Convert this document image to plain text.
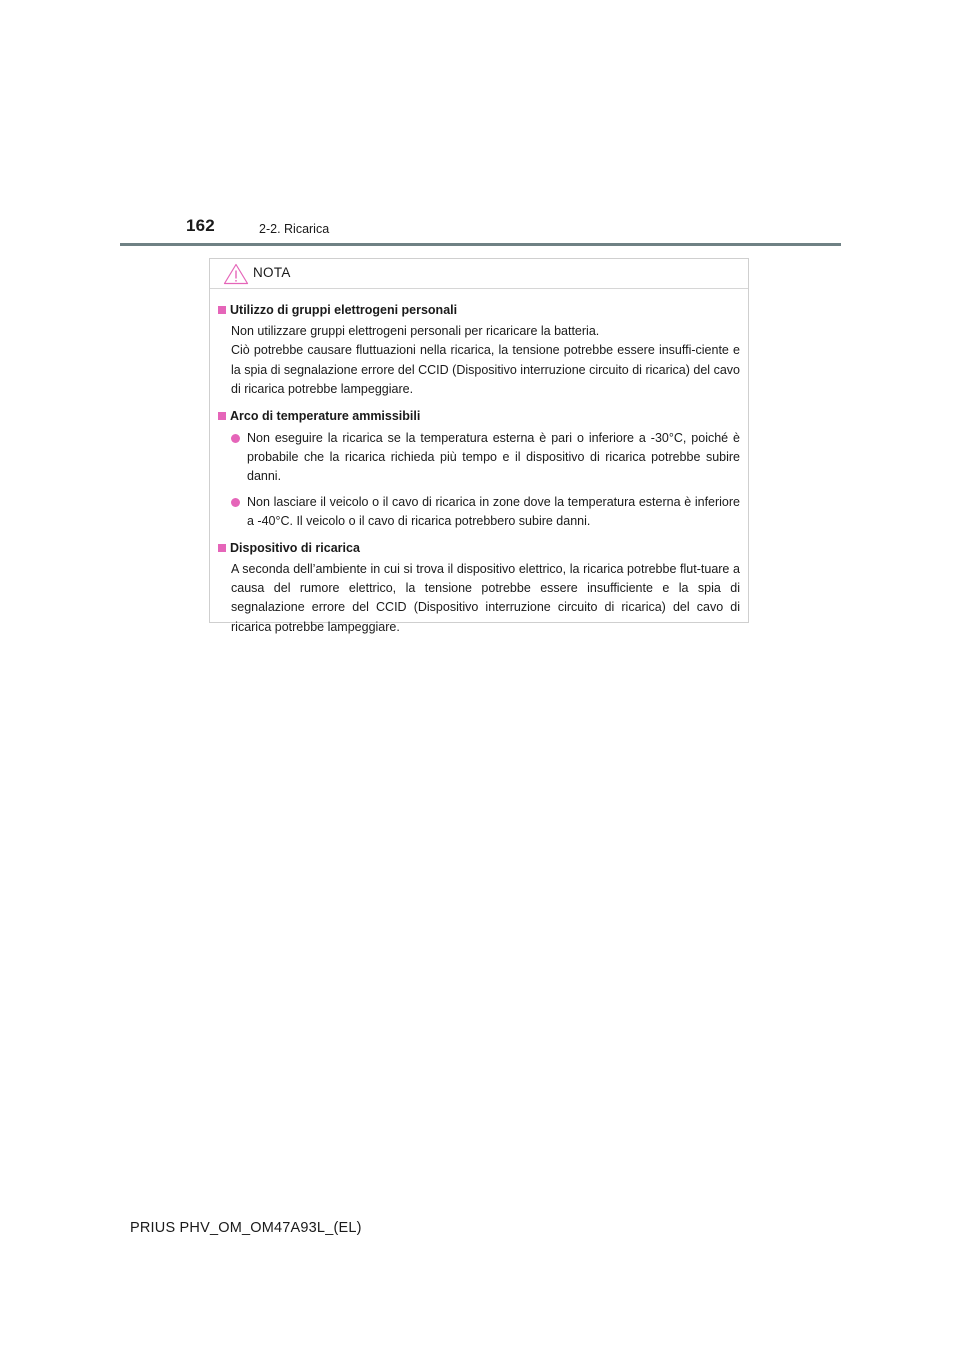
162	2-2. Ricarica
NOTA
Utilizzo di gruppi elettrogeni personali
Non utilizzare gruppi elettrogeni personali per ricaricare la batteria.
Ciò potrebbe causare fluttuazioni nella ricarica, la tensione potrebbe essere insuffi-ciente e la spia di segnalazione errore del CCID (Dispositivo interruzione circuito di ricarica) del cavo di ricarica potrebbe lampeggiare.
Arco di temperature ammissibili
Non eseguire la ricarica se la temperatura esterna è pari o inferiore a -30°C, poiché è probabile che la ricarica richieda più tempo e il dispositivo di ricarica potrebbe subire danni.
Non lasciare il veicolo o il cavo di ricarica in zone dove la temperatura esterna è inferiore a -40°C. Il veicolo o il cavo di ricarica potrebbero subire danni.
Dispositivo di ricarica
A seconda dell’ambiente in cui si trova il dispositivo elettrico, la ricarica potrebbe flut-tuare a causa del rumore elettrico, la tensione potrebbe essere insufficiente e la spia di segnalazione errore del CCID (Dispositivo interruzione circuito di ricarica) del cavo di ricarica potrebbe lampeggiare.
PRIUS PHV_OM_OM47A93L_(EL)
